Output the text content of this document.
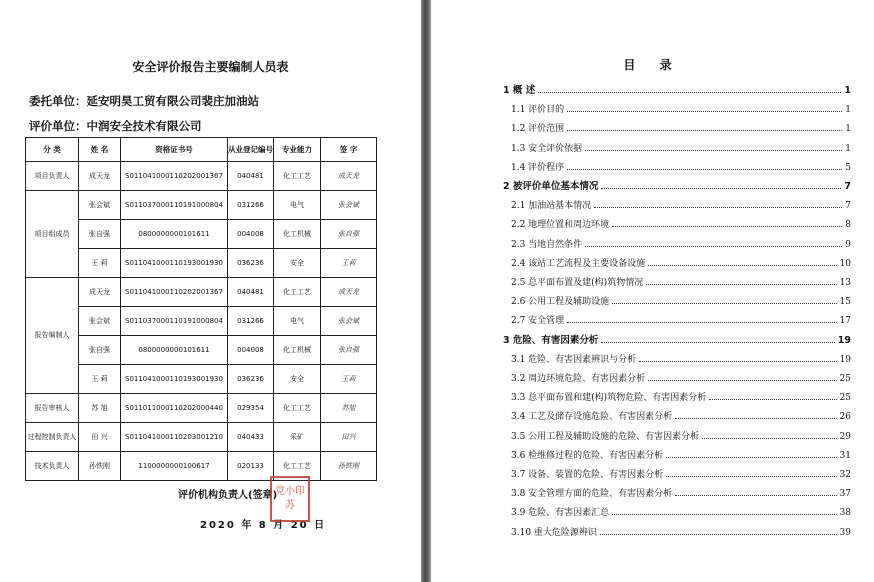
安全评价报告主要编制人员表
委托单位：延安明昊工贸有限公司裴庄加油站
评价单位：中润安全技术有限公司
分 类	姓 名	资格证书号	从业登记编号	专业能力	签 字
项目负责人	成天龙	S011041000110202001367	040481	化工工艺	成天龙
项目组成员	张会斌	S011037000110191000804	031266	电气	张会斌
	张自强	0800000000101611	004008	化工机械	张自强
	王 莉	S011041000110193001930	036236	安全	王莉
报告编制人	成天龙	S011041000110202001367	040481	化工工艺	成天龙
	张会斌	S011037000110191000804	031266	电气	张会斌
	张自强	0800000000101611	004008	化工机械	张自强
	王 莉	S011041000110193001930	036236	安全	王莉
报告审核人	苏 旭	S011011000110202000440	029354	化工工艺	苏旭
过程控制负责人	田 兴	S011041000110203001210	040433	采矿	田兴
技术负责人	孙铁刚	1100000000100617	020133	化工工艺	孙铁刚
评价机构负责人(签章)
2020 年 8 月 20 日
党小印苏
目 录
1 概 述	1
1.1 评价目的	1
1.2 评价范围	1
1.3 安全评价依据	1
1.4 评价程序	5
2 被评价单位基本情况	7
2.1 加油站基本情况	7
2.2 地理位置和周边环境	8
2.3 当地自然条件	9
2.4 该站工艺流程及主要设备设施	10
2.5 总平面布置及建(构)筑物情况	13
2.6 公用工程及辅助设施	15
2.7 安全管理	17
3 危险、有害因素分析	19
3.1 危险、有害因素辨识与分析	19
3.2 周边环境危险、有害因素分析	25
3.3 总平面布置和建(构)筑物危险、有害因素分析	25
3.4 工艺及储存设施危险、有害因素分析	26
3.5 公用工程及辅助设施的危险、有害因素分析	29
3.6 检维修过程的危险、有害因素分析	31
3.7 设备、装置的危险、有害因素分析	32
3.8 安全管理方面的危险、有害因素分析	37
3.9 危险、有害因素汇总	38
3.10 重大危险源辨识	39
